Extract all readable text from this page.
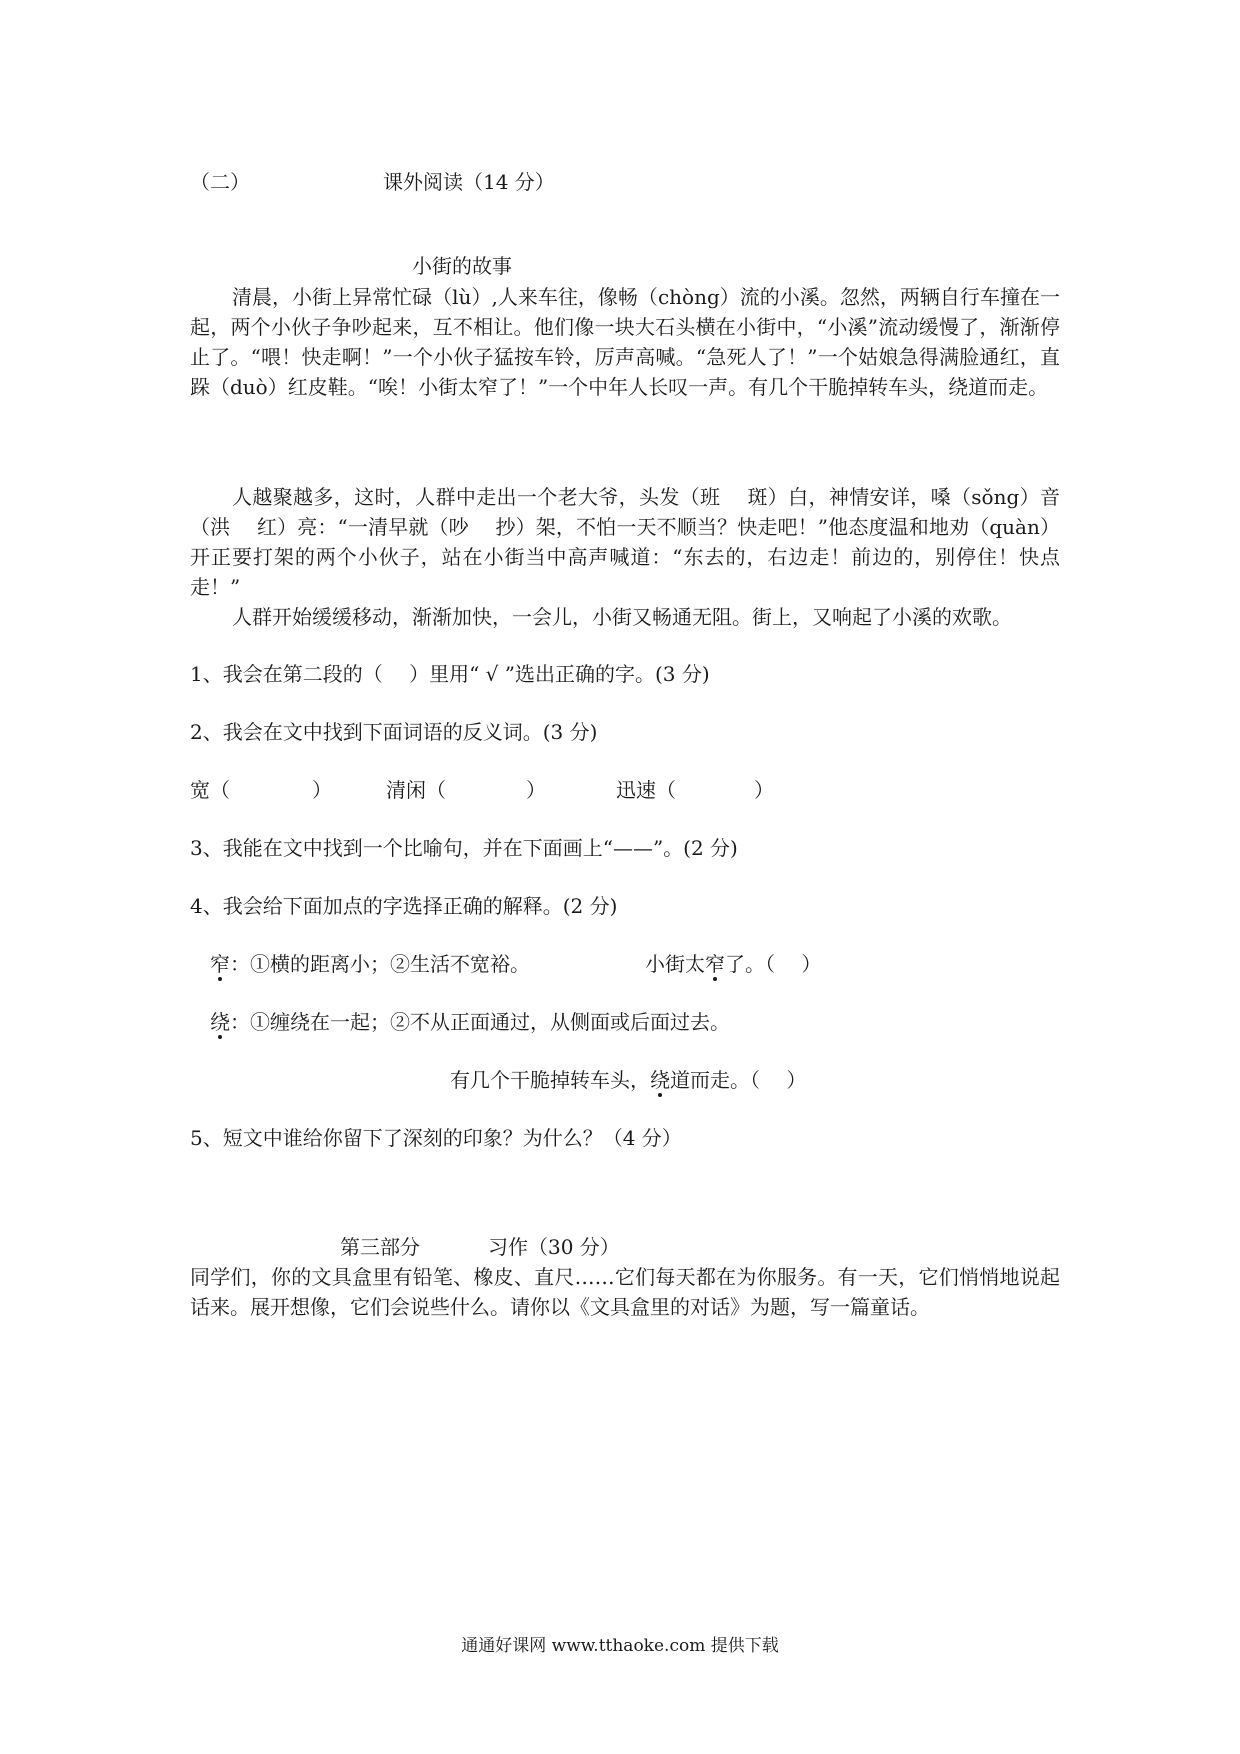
（二）	课外阅读（14 分）
小街的故事
清晨，小街上异常忙碌（lù）,人来车往，像畅（chòng）流的小溪。忽然，两辆自行车撞在一起，两个小伙子争吵起来，互不相让。他们像一块大石头横在小街中，“小溪”流动缓慢了，渐渐停止了。“喂！快走啊！”一个小伙子猛按车铃，厉声高喊。“急死人了！”一个姑娘急得满脸通红，直跺（duò）红皮鞋。“唉！小街太窄了！”一个中年人长叹一声。有几个干脆掉转车头，绕道而走。
人越聚越多，这时，人群中走出一个老大爷，头发（班　 斑）白，神情安详，嗓（sǒng）音（洪　 红）亮：“一清早就（吵　 抄）架，不怕一天不顺当？快走吧！”他态度温和地劝（quàn）开正要打架的两个小伙子，站在小街当中高声喊道：“东去的，右边走！前边的，别停住！快点走！”
人群开始缓缓移动，渐渐加快，一会儿，小街又畅通无阻。街上，又响起了小溪的欢歌。
1、我会在第二段的（　 ）里用“ √ ”选出正确的字。(3 分)
2、我会在文中找到下面词语的反义词。(3 分)
宽（	）	清闲（	）	迅速（	）
3、我能在文中找到一个比喻句，并在下面画上“——”。(2 分)
4、我会给下面加点的字选择正确的解释。(2 分)
窄：①横的距离小；②生活不宽裕。	小街太窄了。（　 ）
绕：①缠绕在一起；②不从正面通过，从侧面或后面过去。
有几个干脆掉转车头，绕道而走。（　 ）
5、短文中谁给你留下了深刻的印象？为什么？（4 分）
第三部分	习作（30 分）
同学们，你的文具盒里有铅笔、橡皮、直尺……它们每天都在为你服务。有一天，它们悄悄地说起话来。展开想像，它们会说些什么。请你以《文具盒里的对话》为题，写一篇童话。
通通好课网 www.tthaoke.com 提供下载
